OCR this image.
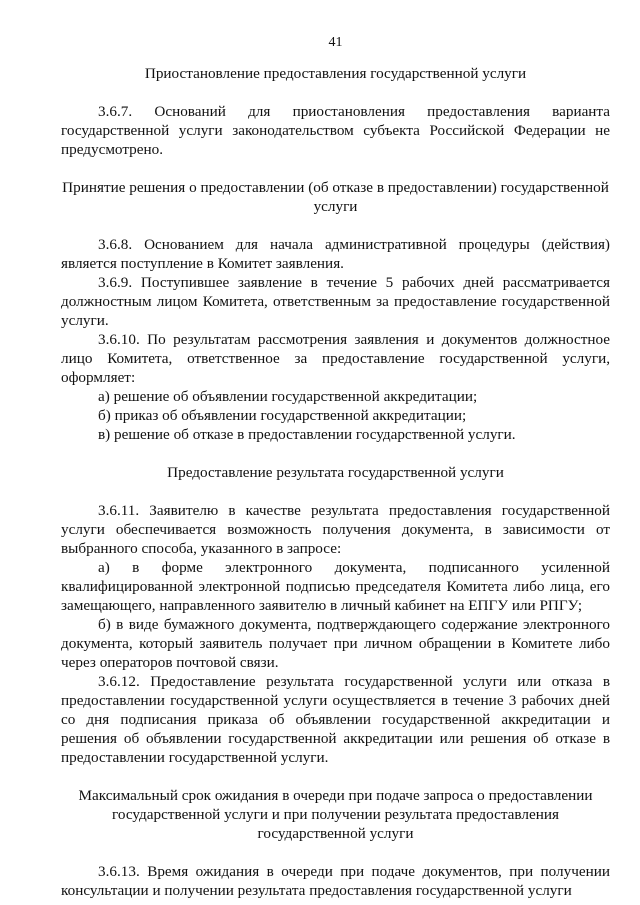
41
Приостановление предоставления государственной услуги

3.6.7. Оснований для приостановления предоставления варианта государственной услуги законодательством субъекта Российской Федерации не предусмотрено.

Принятие решения о предоставлении (об отказе в предоставлении) государственной услуги

3.6.8. Основанием для начала административной процедуры (действия) является поступление в Комитет заявления.

3.6.9. Поступившее заявление в течение 5 рабочих дней рассматривается должностным лицом Комитета, ответственным за предоставление государственной услуги.

3.6.10. По результатам рассмотрения заявления и документов должностное лицо Комитета, ответственное за предоставление государственной услуги, оформляет:

а) решение об объявлении государственной аккредитации;

б) приказ об объявлении государственной аккредитации;

в) решение об отказе в предоставлении государственной услуги.

Предоставление результата государственной услуги

3.6.11. Заявителю в качестве результата предоставления государственной услуги обеспечивается возможность получения документа, в зависимости от выбранного способа, указанного в запросе:

а) в форме электронного документа, подписанного усиленной квалифицированной электронной подписью председателя Комитета либо лица, его замещающего, направленного заявителю в личный кабинет на ЕПГУ или РПГУ;

б) в виде бумажного документа, подтверждающего содержание электронного документа, который заявитель получает при личном обращении в Комитете либо через операторов почтовой связи.

3.6.12. Предоставление результата государственной услуги или отказа в предоставлении государственной услуги осуществляется в течение 3 рабочих дней со дня подписания приказа об объявлении государственной аккредитации и решения об объявлении государственной аккредитации или решения об отказе в предоставлении государственной услуги.

Максимальный срок ожидания в очереди при подаче запроса о предоставлении государственной услуги и при получении результата предоставления государственной услуги

3.6.13. Время ожидания в очереди при подаче документов, при получении консультации и получении результата предоставления государственной услуги
